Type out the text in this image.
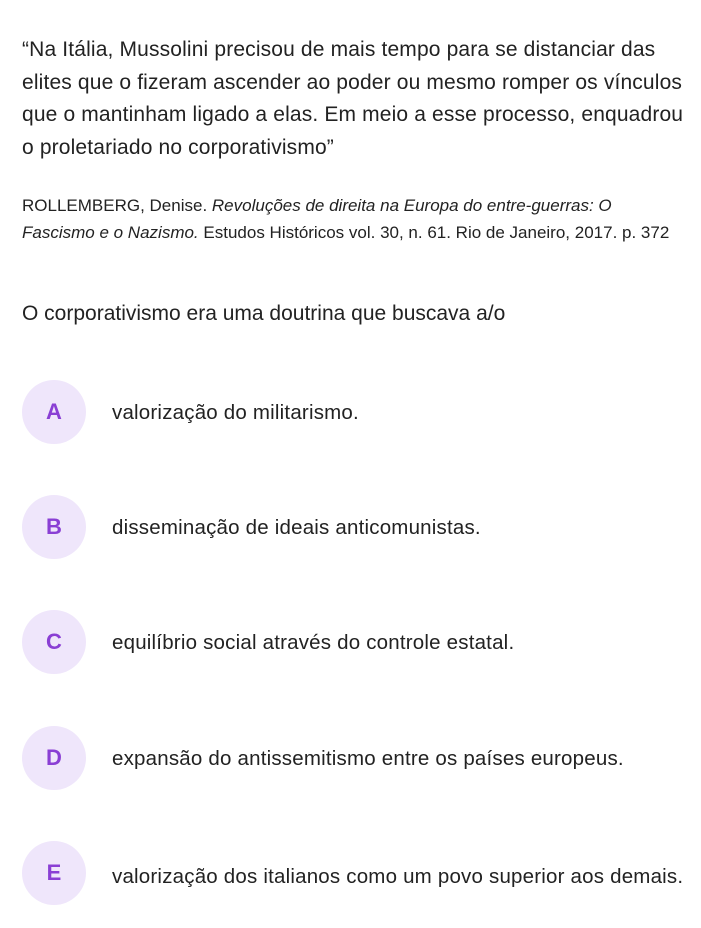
“Na Itália, Mussolini precisou de mais tempo para se distanciar das elites que o fizeram ascender ao poder ou mesmo romper os vínculos que o mantinham ligado a elas. Em meio a esse processo, enquadrou o proletariado no corporativismo”

ROLLEMBERG, Denise. Revoluções de direita na Europa do entre-guerras: O Fascismo e o Nazismo. Estudos Históricos vol. 30, n. 61. Rio de Janeiro, 2017. p. 372

O corporativismo era uma doutrina que buscava a/o

A	valorização do militarismo.
B	disseminação de ideais anticomunistas.
C	equilíbrio social através do controle estatal.
D	expansão do antissemitismo entre os países europeus.
E	valorização dos italianos como um povo superior aos demais.
